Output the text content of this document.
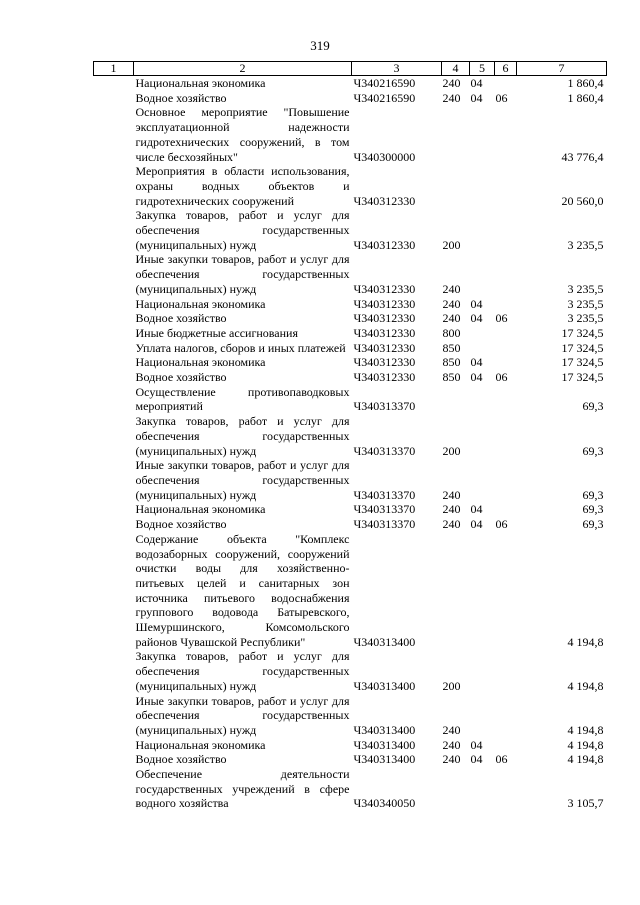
319
1	2	3	4	5	6	7
	Национальная экономика	Ч340216590	240	04		1 860,4
	Водное хозяйство	Ч340216590	240	04	06	1 860,4
	Основное мероприятие "Повышение эксплуатационной надежности гидротехнических сооружений, в том числе бесхозяйных"	Ч340300000				43 776,4
	Мероприятия в области использования, охраны водных объектов и гидротехнических сооружений	Ч340312330				20 560,0
	Закупка товаров, работ и услуг для обеспечения государственных (муниципальных) нужд	Ч340312330	200			3 235,5
	Иные закупки товаров, работ и услуг для обеспечения государственных (муниципальных) нужд	Ч340312330	240			3 235,5
	Национальная экономика	Ч340312330	240	04		3 235,5
	Водное хозяйство	Ч340312330	240	04	06	3 235,5
	Иные бюджетные ассигнования	Ч340312330	800			17 324,5
	Уплата налогов, сборов и иных платежей	Ч340312330	850			17 324,5
	Национальная экономика	Ч340312330	850	04		17 324,5
	Водное хозяйство	Ч340312330	850	04	06	17 324,5
	Осуществление противопаводковых мероприятий	Ч340313370				69,3
	Закупка товаров, работ и услуг для обеспечения государственных (муниципальных) нужд	Ч340313370	200			69,3
	Иные закупки товаров, работ и услуг для обеспечения государственных (муниципальных) нужд	Ч340313370	240			69,3
	Национальная экономика	Ч340313370	240	04		69,3
	Водное хозяйство	Ч340313370	240	04	06	69,3
	Содержание объекта "Комплекс водозаборных сооружений, сооружений очистки воды для хозяйственно-питьевых целей и санитарных зон источника питьевого водоснабжения группового водовода Батыревского, Шемуршинского, Комсомольского районов Чувашской Республики"	Ч340313400				4 194,8
	Закупка товаров, работ и услуг для обеспечения государственных (муниципальных) нужд	Ч340313400	200			4 194,8
	Иные закупки товаров, работ и услуг для обеспечения государственных (муниципальных) нужд	Ч340313400	240			4 194,8
	Национальная экономика	Ч340313400	240	04		4 194,8
	Водное хозяйство	Ч340313400	240	04	06	4 194,8
	Обеспечение деятельности государственных учреждений в сфере водного хозяйства	Ч340340050				3 105,7
